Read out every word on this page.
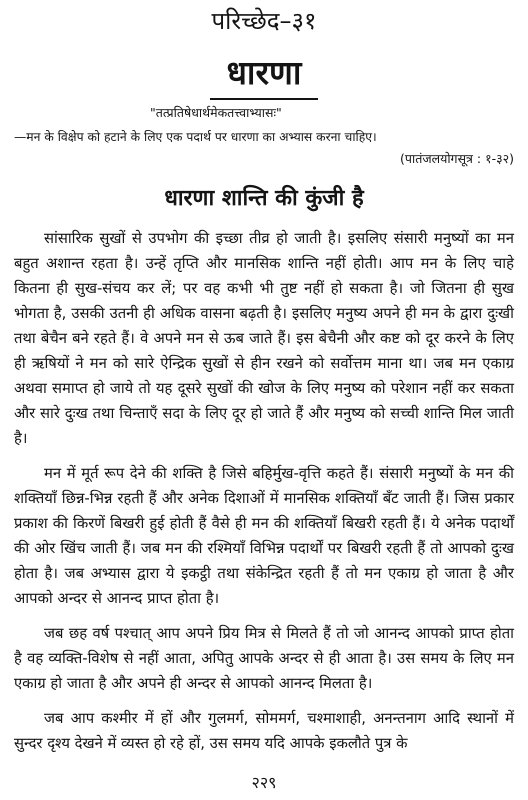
परिच्छेद–३१
धारणा
"तत्प्रतिषेधार्थमेकतत्त्वाभ्यासः"
—मन के विक्षेप को हटाने के लिए एक पदार्थ पर धारणा का अभ्यास करना चाहिए।
(पातंजलयोगसूत्र : १-३२)
धारणा शान्ति की कुंजी है

सांसारिक सुखों से उपभोग की इच्छा तीव्र हो जाती है। इसलिए संसारी मनुष्यों का मन बहुत अशान्त रहता है। उन्हें तृप्ति और मानसिक शान्ति नहीं होती। आप मन के लिए चाहे कितना ही सुख-संचय कर लें; पर वह कभी भी तुष्ट नहीं हो सकता है। जो जितना ही सुख भोगता है, उसकी उतनी ही अधिक वासना बढ़ती है। इसलिए मनुष्य अपने ही मन के द्वारा दुःखी तथा बेचैन बने रहते हैं। वे अपने मन से ऊब जाते हैं। इस बेचैनी और कष्ट को दूर करने के लिए ही ऋषियों ने मन को सारे ऐन्द्रिक सुखों से हीन रखने को सर्वोत्तम माना था। जब मन एकाग्र अथवा समाप्त हो जाये तो यह दूसरे सुखों की खोज के लिए मनुष्य को परेशान नहीं कर सकता और सारे दुःख तथा चिन्ताएँ सदा के लिए दूर हो जाते हैं और मनुष्य को सच्ची शान्ति मिल जाती है।

मन में मूर्त रूप देने की शक्ति है जिसे बहिर्मुख-वृत्ति कहते हैं। संसारी मनुष्यों के मन की शक्तियाँ छिन्न-भिन्न रहती हैं और अनेक दिशाओं में मानसिक शक्तियाँ बँट जाती हैं। जिस प्रकार प्रकाश की किरणें बिखरी हुई होती हैं वैसे ही मन की शक्तियाँ बिखरी रहती हैं। ये अनेक पदार्थों की ओर खिंच जाती हैं। जब मन की रश्मियाँ विभिन्न पदार्थों पर बिखरी रहती हैं तो आपको दुःख होता है। जब अभ्यास द्वारा ये इकट्ठी तथा संकेन्द्रित रहती हैं तो मन एकाग्र हो जाता है और आपको अन्दर से आनन्द प्राप्त होता है।

जब छह वर्ष पश्चात् आप अपने प्रिय मित्र से मिलते हैं तो जो आनन्द आपको प्राप्त होता है वह व्यक्ति-विशेष से नहीं आता, अपितु आपके अन्दर से ही आता है। उस समय के लिए मन एकाग्र हो जाता है और अपने ही अन्दर से आपको आनन्द मिलता है।

जब आप कश्मीर में हों और गुलमर्ग, सोममर्ग, चश्माशाही, अनन्तनाग आदि स्थानों में सुन्दर दृश्य देखने में व्यस्त हो रहे हों, उस समय यदि आपके इकलौते पुत्र के

२२९
